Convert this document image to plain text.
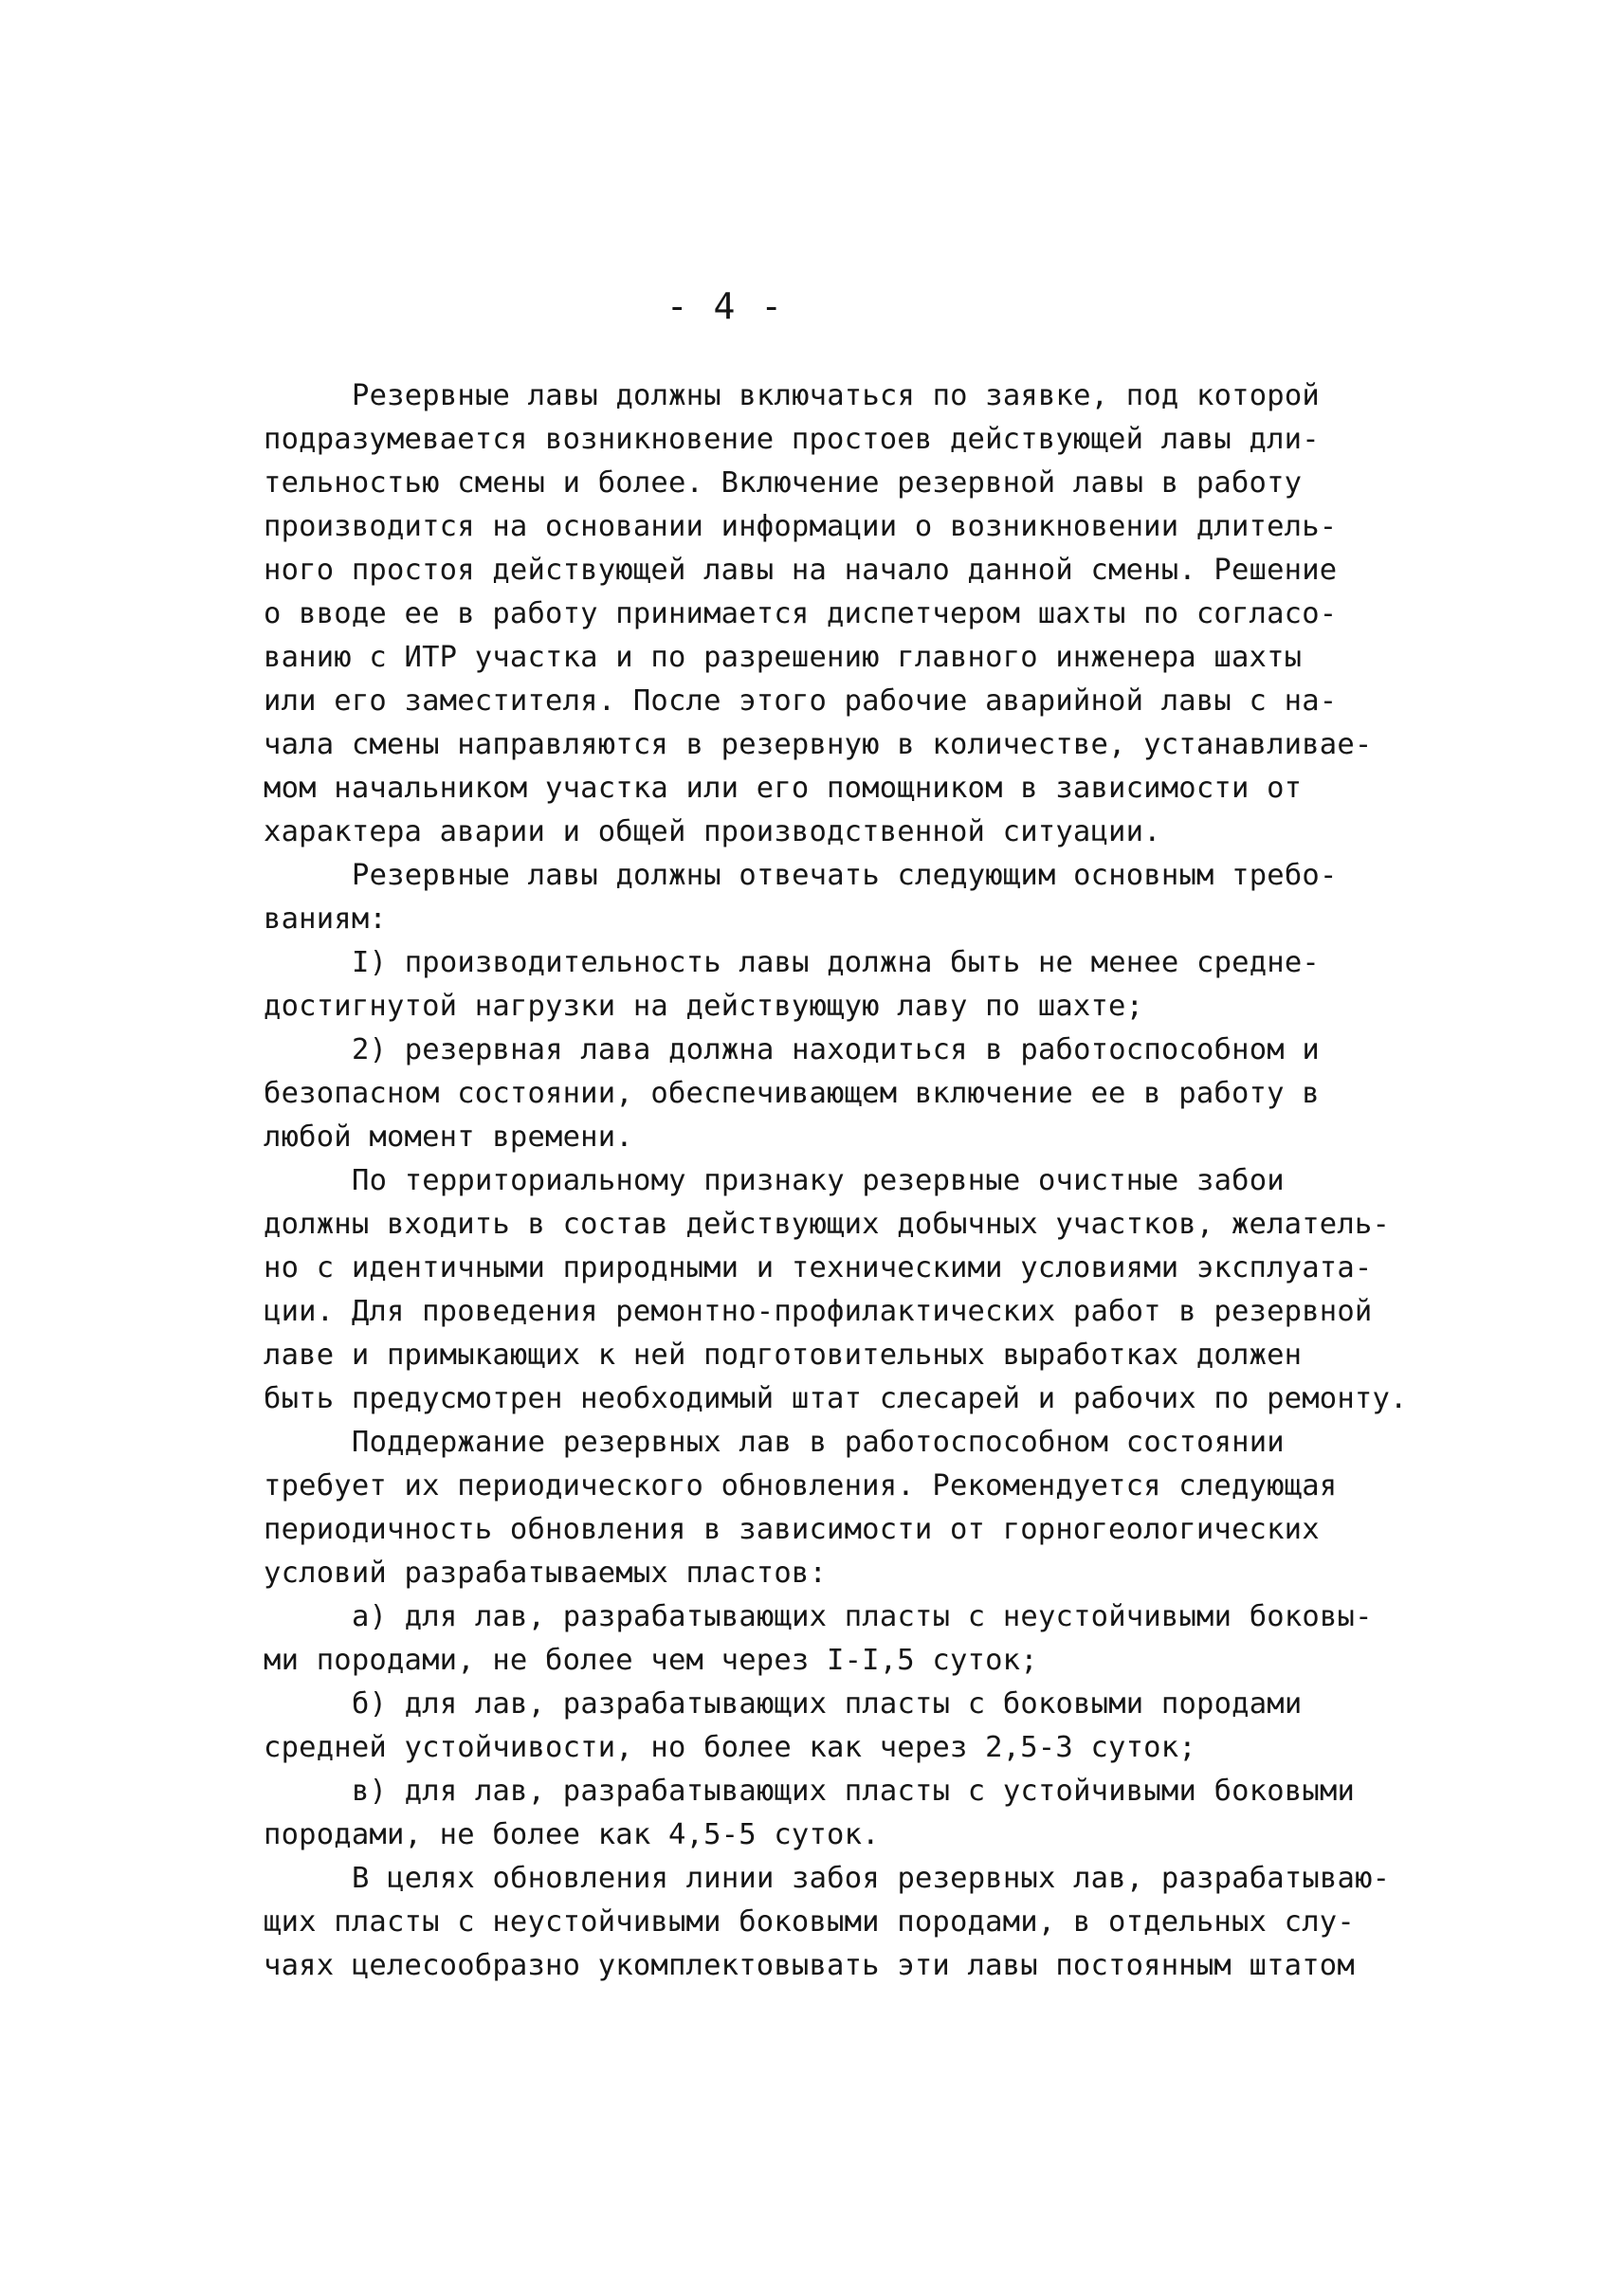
- 4 -
Резервные лавы должны включаться по заявке, под которой
подразумевается возникновение простоев действующей лавы дли-
тельностью смены и более. Включение резервной лавы в работу
производится на основании информации о возникновении длитель-
ного простоя действующей лавы на начало данной смены. Решение
о вводе ее в работу принимается диспетчером шахты по согласо-
ванию с ИТР участка и по разрешению главного инженера шахты
или его заместителя. После этого рабочие аварийной лавы с на-
чала смены направляются в резервную в количестве, устанавливае-
мом начальником участка или его помощником в зависимости от
характера аварии и общей производственной ситуации.
Резервные лавы должны отвечать следующим основным требо-
ваниям:
I) производительность лавы должна быть не менее средне-
достигнутой нагрузки на действующую лаву по шахте;
2) резервная лава должна находиться в работоспособном и
безопасном состоянии, обеспечивающем включение ее в работу в
любой момент времени.
По территориальному признаку резервные очистные забои
должны входить в состав действующих добычных участков, желатель-
но с идентичными природными и техническими условиями эксплуата-
ции. Для проведения ремонтно-профилактических работ в резервной
лаве и примыкающих к ней подготовительных выработках должен
быть предусмотрен необходимый штат слесарей и рабочих по ремонту.
Поддержание резервных лав в работоспособном состоянии
требует их периодического обновления. Рекомендуется следующая
периодичность обновления в зависимости от горногеологических
условий разрабатываемых пластов:
а) для лав, разрабатывающих пласты с неустойчивыми боковы-
ми породами, не более чем через I-I,5 суток;
б) для лав, разрабатывающих пласты с боковыми породами
средней устойчивости, но более как через 2,5-3 суток;
в) для лав, разрабатывающих пласты с устойчивыми боковыми
породами, не более как 4,5-5 суток.
В целях обновления линии забоя резервных лав, разрабатываю-
щих пласты с неустойчивыми боковыми породами, в отдельных слу-
чаях целесообразно укомплектовывать эти лавы постоянным штатом
